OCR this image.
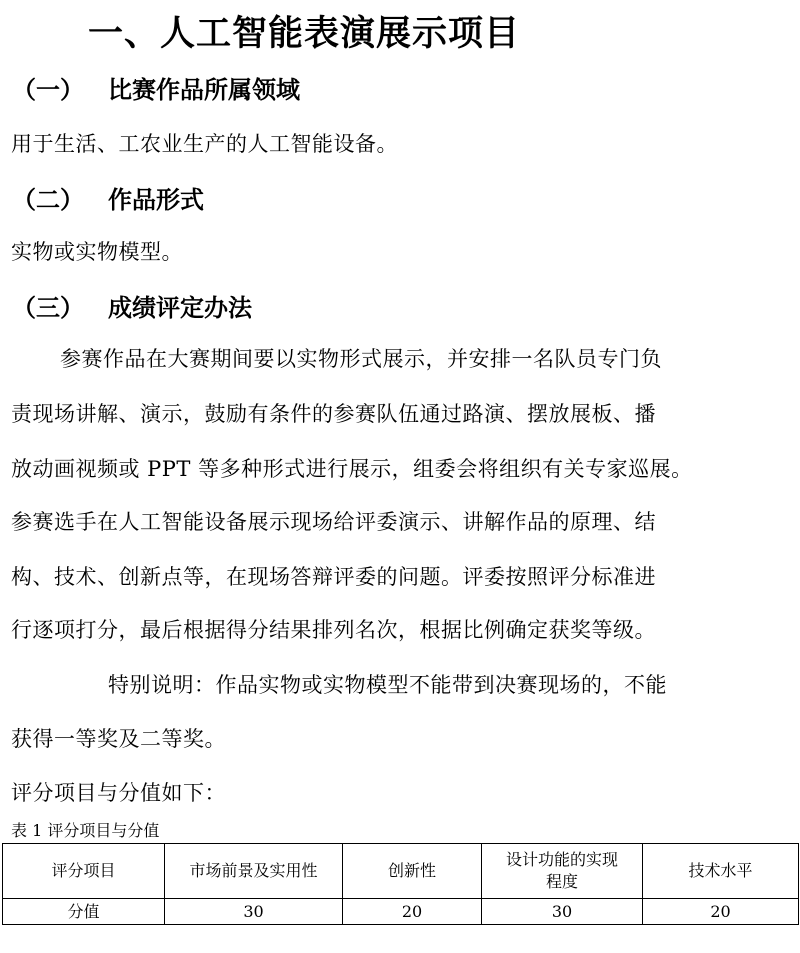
一、人工智能表演展示项目
（一） 比赛作品所属领域
用于生活、工农业生产的人工智能设备。
（二） 作品形式
实物或实物模型。
（三） 成绩评定办法
参赛作品在大赛期间要以实物形式展示，并安排一名队员专门负
责现场讲解、演示，鼓励有条件的参赛队伍通过路演、摆放展板、播
放动画视频或 PPT 等多种形式进行展示，组委会将组织有关专家巡展。
参赛选手在人工智能设备展示现场给评委演示、讲解作品的原理、结
构、技术、创新点等，在现场答辩评委的问题。评委按照评分标准进
行逐项打分，最后根据得分结果排列名次，根据比例确定获奖等级。
特别说明：作品实物或实物模型不能带到决赛现场的，不能
获得一等奖及二等奖。
评分项目与分值如下：
表 1 评分项目与分值
评分项目	市场前景及实用性	创新性	设计功能的实现程度	技术水平
分值	30	20	30	20
